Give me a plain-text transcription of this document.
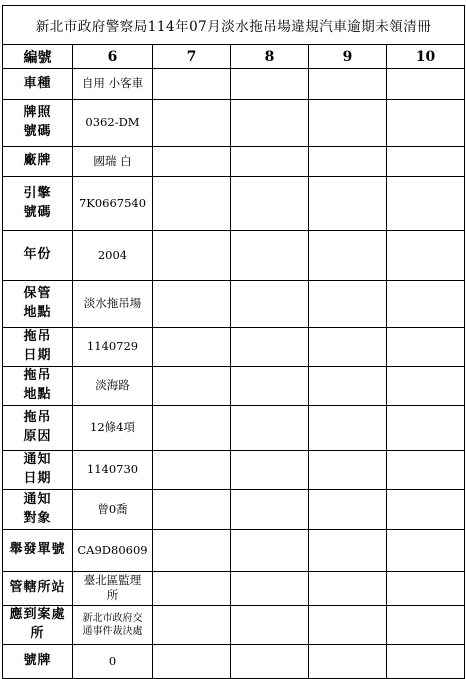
新北市政府警察局114年07月淡水拖吊場違規汽車逾期未領清冊					
編號	6	7	8	9	10
車種	自用 小客車				
牌照
號碼	0362-DM				
廠牌	國瑞 白				
引擎
號碼	7K0667540				
年份	2004				
保管
地點	淡水拖吊場				
拖吊
日期	1140729				
拖吊
地點	淡海路				
拖吊
原因	12條4項				
通知
日期	1140730				
通知
對象	曾0喬				
舉發單號	CA9D80609				
管轄所站	臺北區監理
所				
應到案處
所	新北市政府交
通事件裁決處				
號牌	0				
